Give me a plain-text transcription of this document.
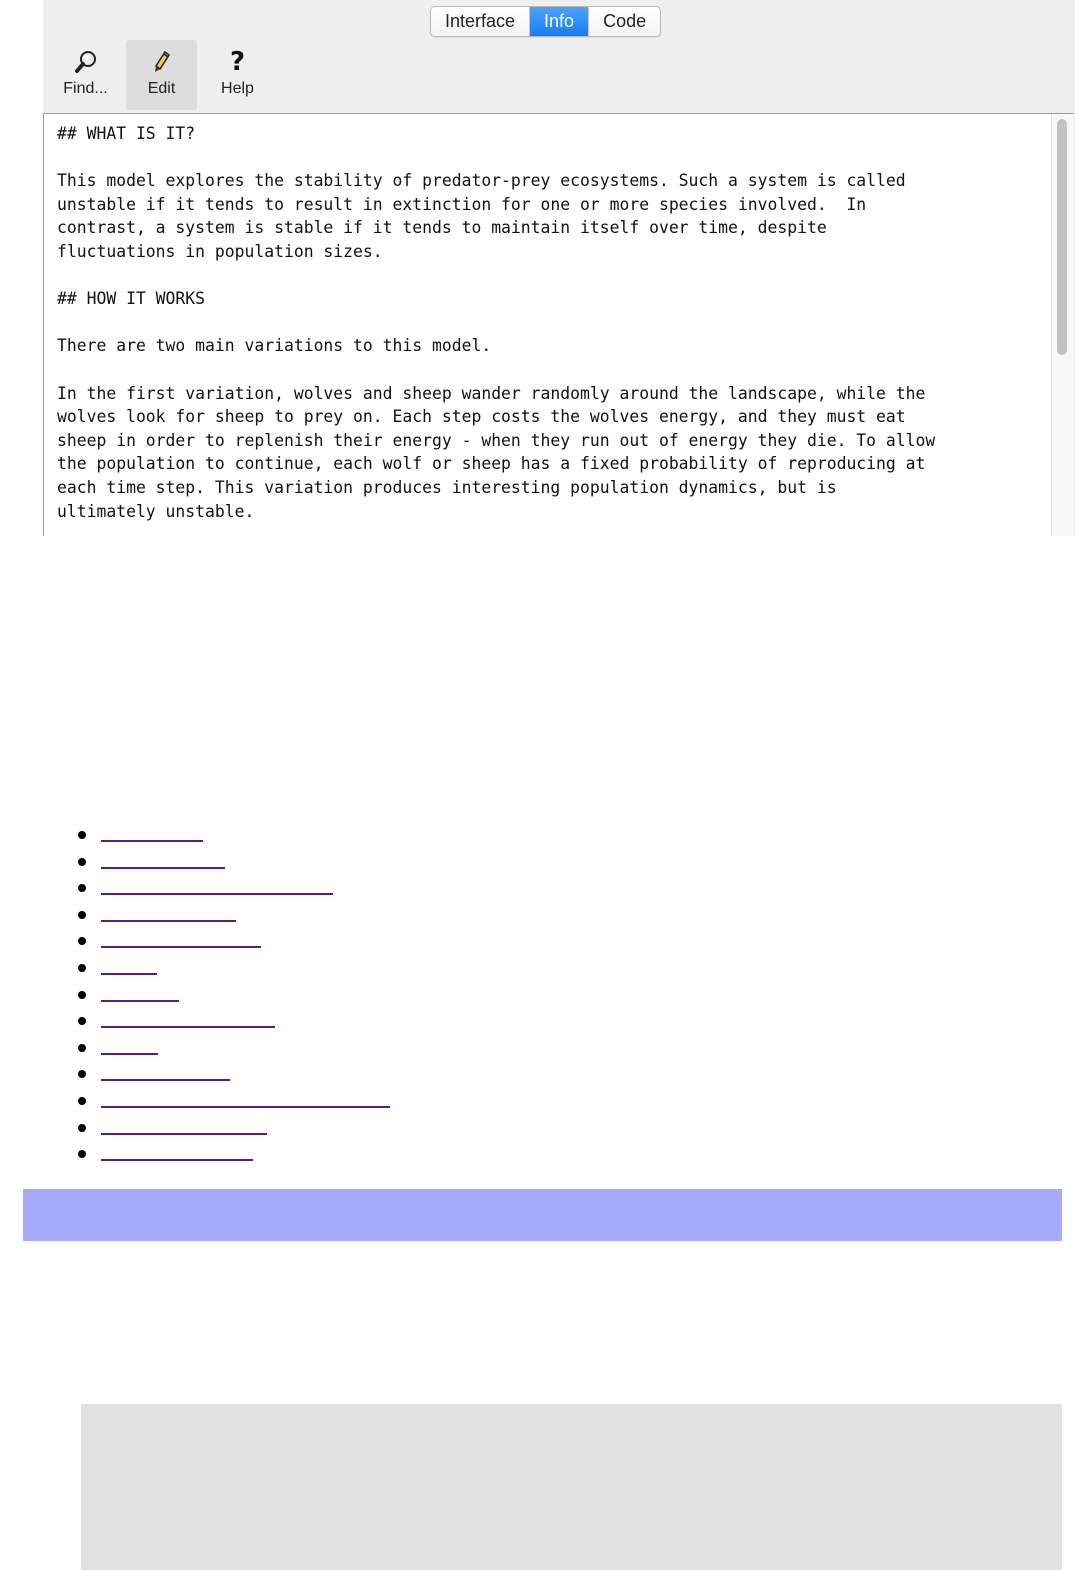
Interface	Info	Code
Find...	Edit
?
Help
## WHAT IS IT?

This model explores the stability of predator-prey ecosystems. Such a system is called
unstable if it tends to result in extinction for one or more species involved.  In
contrast, a system is stable if it tends to maintain itself over time, despite
fluctuations in population sizes.

## HOW IT WORKS

There are two main variations to this model.

In the first variation, wolves and sheep wander randomly around the landscape, while the
wolves look for sheep to prey on. Each step costs the wolves energy, and they must eat
sheep in order to replenish their energy - when they run out of energy they die. To allow
the population to continue, each wolf or sheep has a fixed probability of reproducing at
each time step. This variation produces interesting population dynamics, but is
ultimately unstable.
